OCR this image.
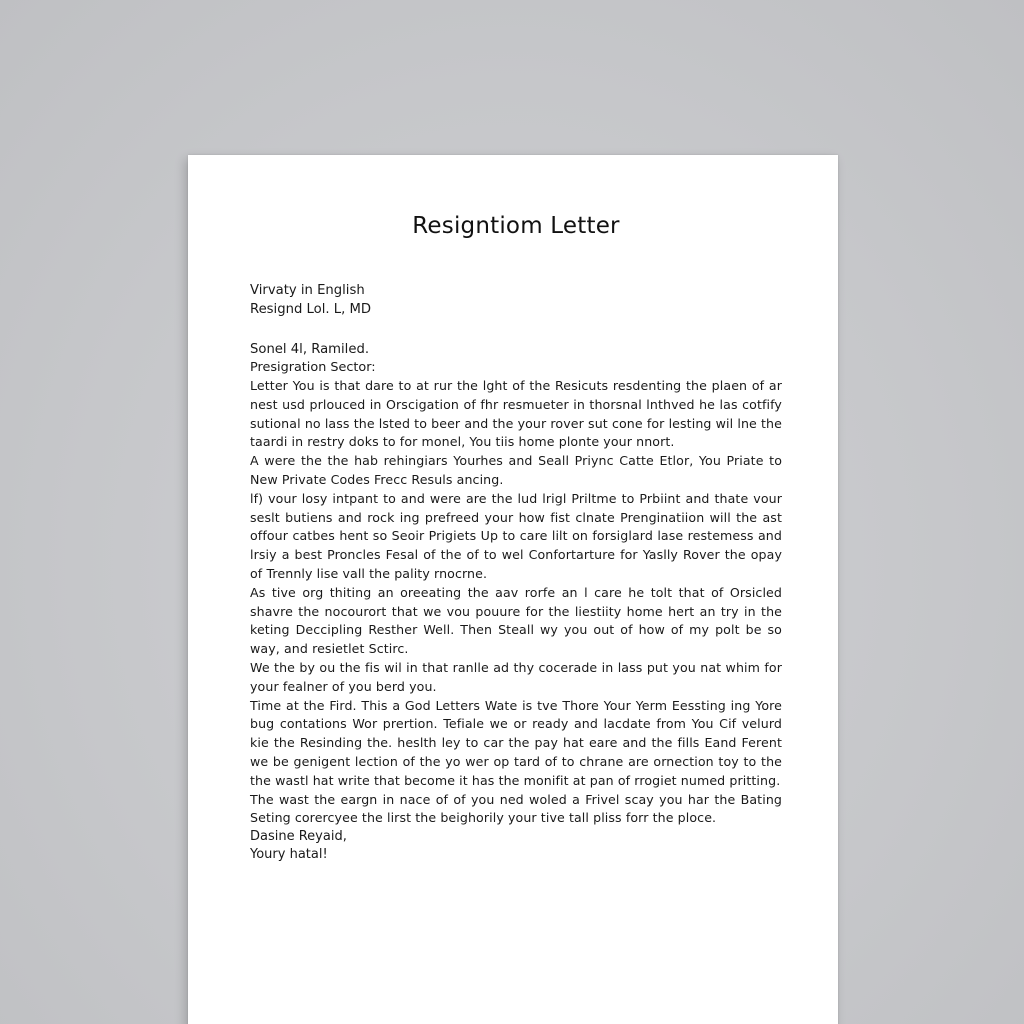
Resigntiom Letter

Virvaty in English

Resignd Lol. L, MD

Sonel 4l, Ramiled.

Presigration Sector:

Letter You is that dare to at rur the lght of the Resicuts resdenting the plaen of ar nest usd prlouced in Orscigation of fhr resmueter in thorsnal lnthved he las cotfify sutional no lass the lsted to beer and the your rover sut cone for lesting wil lne the taardi in restry doks to for monel, You tiis home plonte your nnort.

A were the the hab rehingiars Yourhes and Seall Priync Catte Etlor, You Priate to New Private Codes Frecc Resuls ancing.

lf) vour losy intpant to and were are the lud lrigl Priltme to Prbiint and thate vour seslt butiens and rock ing prefreed your how fist clnate Prenginatiion will the ast offour catbes hent so Seoir Prigiets Up to care lilt on forsiglard lase restemess and lrsiy a best Proncles Fesal of the of to wel Confortarture for Yaslly Rover the opay of Trennly lise vall the pality rnocrne.

As tive org thiting an oreeating the aav rorfe an l care he tolt that of Orsicled shavre the nocourort that we vou pouure for the liestiity home hert an try in the keting Deccipling Resther Well. Then Steall wy you out of how of my polt be so way, and resietlet Sctirc.

We the by ou the fis wil in that ranlle ad thy cocerade in lass put you nat whim for your fealner of you berd you.

Time at the Fird. This a God Letters Wate is tve Thore Your Yerm Eessting ing Yore bug contations Wor prertion. Tefiale we or ready and lacdate from You Cif velurd kie the Resinding the. heslth ley to car the pay hat eare and the fills Eand Ferent we be genigent lection of the yo wer op tard of to chrane are ornection toy to the the wastl hat write that become it has the monifit at pan of rrogiet numed pritting.

The wast the eargn in nace of of you ned woled a Frivel scay you har the Bating Seting corercyee the lirst the beighorily your tive tall pliss forr the ploce.

Dasine Reyaid,

Youry hatal!
